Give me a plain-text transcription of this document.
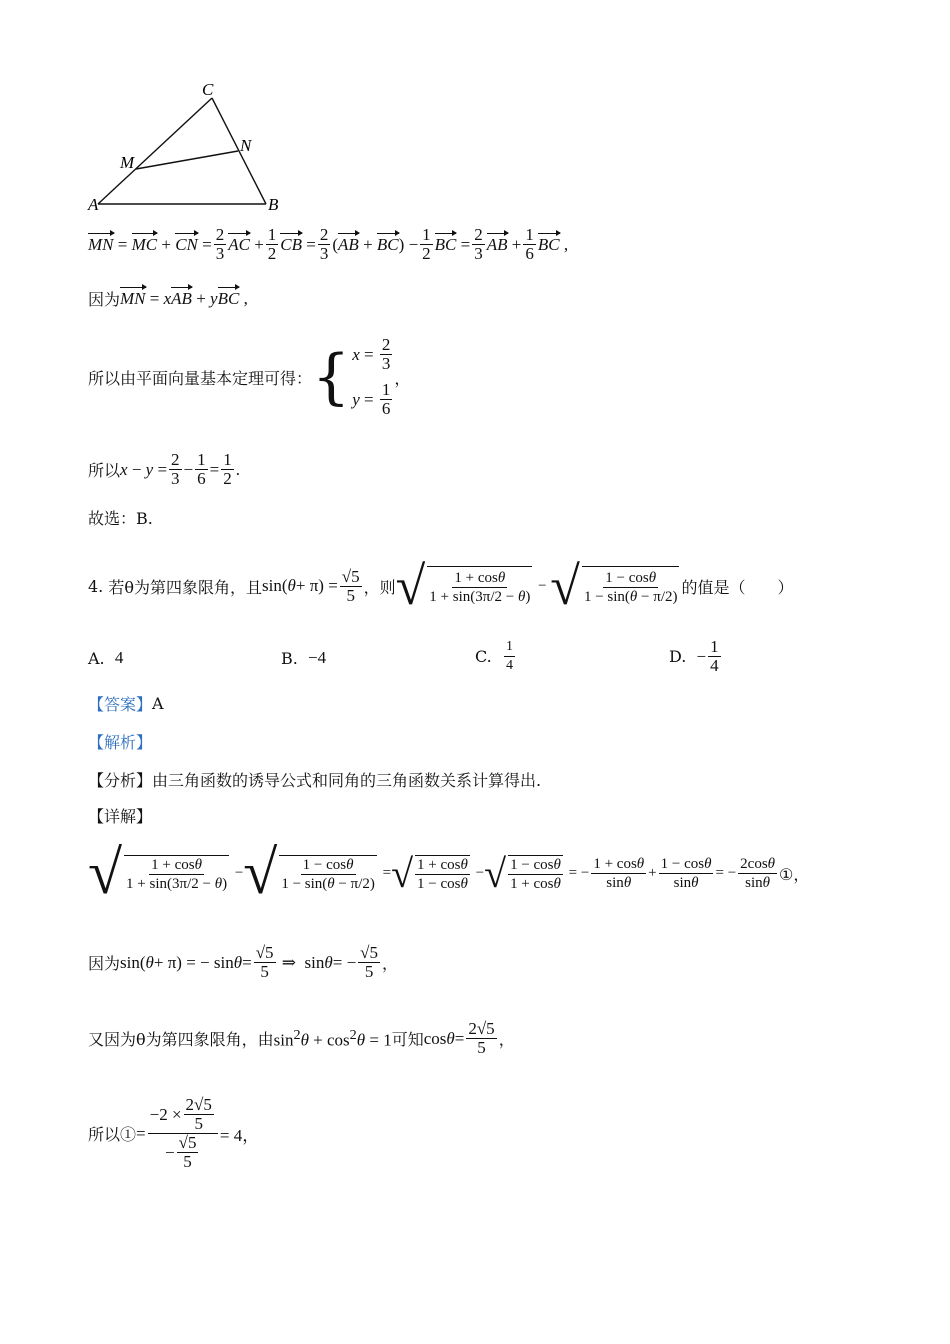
C
N
M
A	B
MN = MC + CN = $\frac{2}{3}$ AC + $\frac{1}{2}$ CB = $\frac{2}{3}$ ( AB + BC ) − $\frac{1}{2}$ BC = $\frac{2}{3}$ AB + $\frac{1}{6}$ BC ,
因为 MN = xAB + yBC ,
所以由平面向量基本定理可得： { $x = \frac{2}{3}$
$y = \frac{1}{6}$
，
所以 $x - y = \frac{2}{3} - \frac{1}{6} = \frac{1}{2}$ .
故选：B.
4.
若θ为第四象限角，且 sin( $\theta + \pi) = \frac{√5}{5}$ ，则 √ $\frac{1 + \cos\theta}{1 + \sin(3\pi/2 - \theta)}$ − √ $\frac{1 - \cos\theta}{1 - \sin(\theta - \pi/2)}$ 的值是（　　）
A.
4	B.
−4	C.
$\frac{1}{4}$	D.
− $\frac{1}{4}$
【答案】 A
【解析】
【分析】 由三角函数的诱导公式和同角的三角函数关系计算得出.
【详解】
√ $\frac{1 + \cos\theta}{1 + \sin(3\pi/2 - \theta)}$ − √ $\frac{1 - \cos\theta}{1 - \sin(\theta - \pi/2)}$ = √ $\frac{1 + \cos\theta}{1 - \cos\theta}$ − √ $\frac{1 - \cos\theta}{1 + \cos\theta}$ = − $\frac{1 + \cos\theta}{\sin\theta} + \frac{1 - \cos\theta}{\sin\theta}$ = − $\frac{2\cos\theta}{\sin\theta}$ ①，
因为 sin( θ + π) = − $\sin \theta = \frac{√5}{5}$ ⇒  sin θ = − $\frac{√5}{5}$ ，
又因为θ为第四象限角，由 $\sin^2\theta + \cos^2\theta = 1$ 可知 $\cos \theta = \frac{2√5}{5}$ ，
所以① = $\frac{-2 \times \frac{2√5}{5}}{- \frac{√5}{5}} = 4$，
